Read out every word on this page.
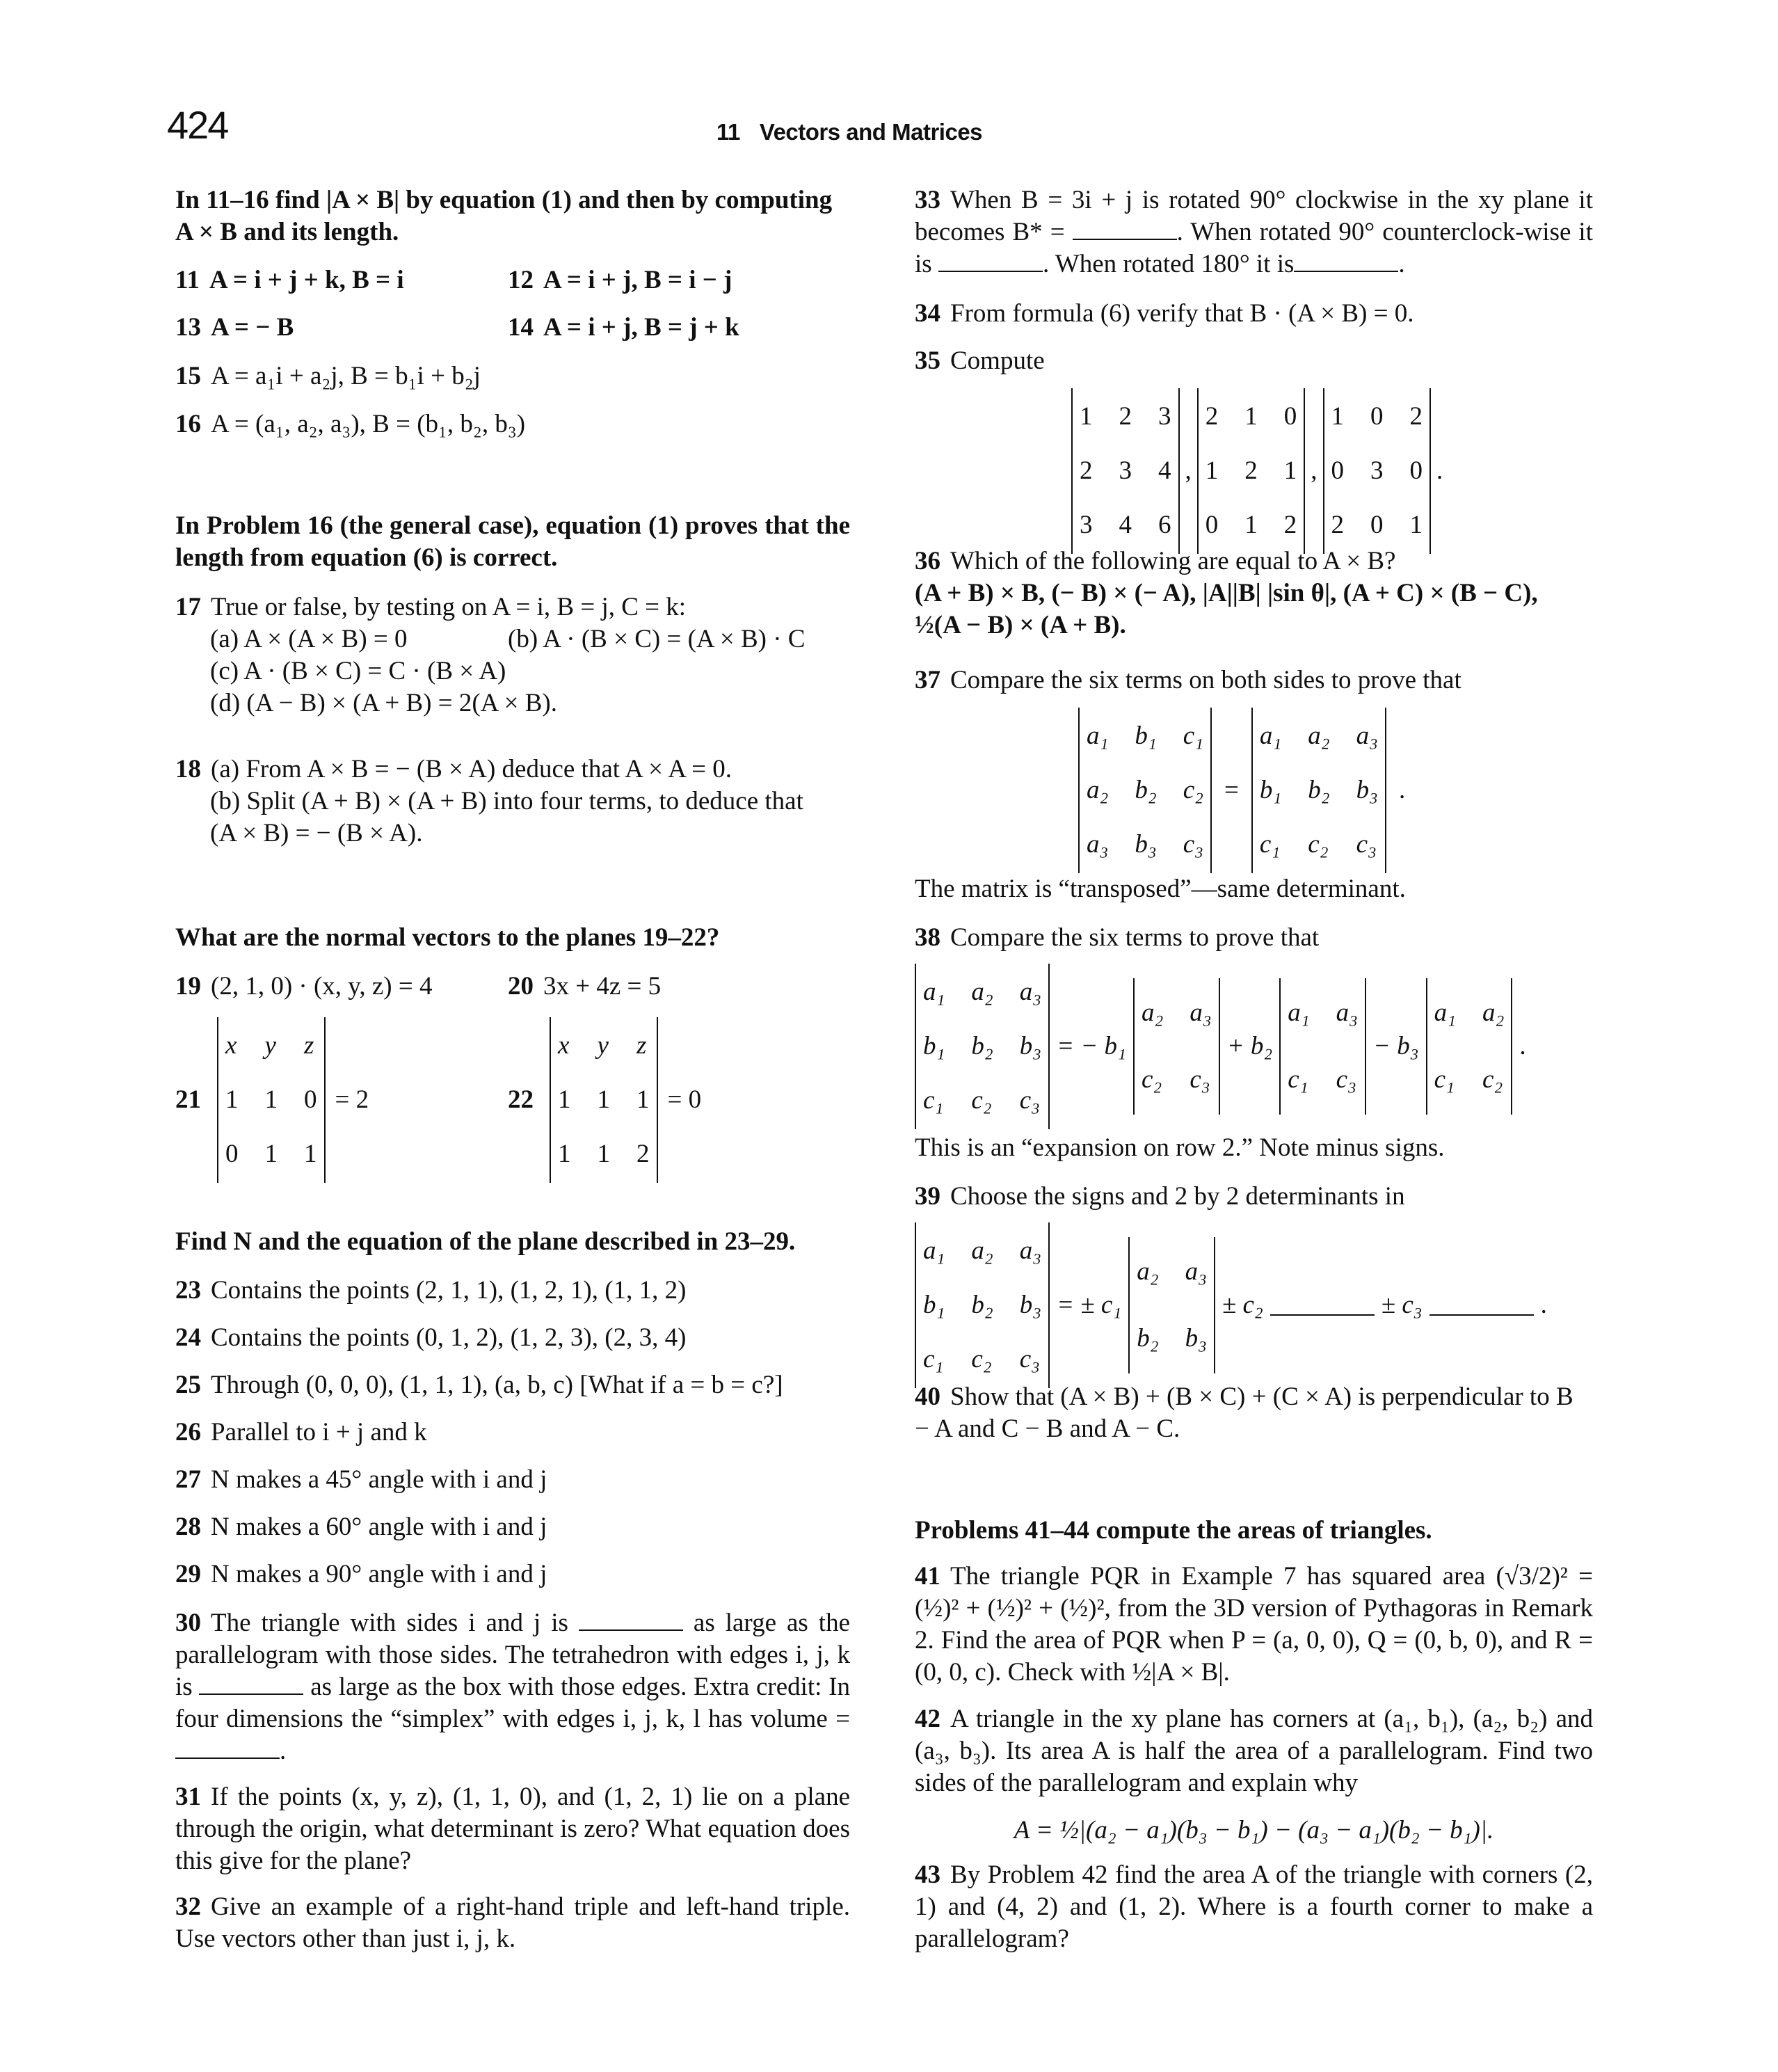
424	11 Vectors and Matrices
In 11–16 find |A × B| by equation (1) and then by computing A × B and its length.
11 A = i + j + k, B = i	12 A = i + j, B = i − j
13 A = − B	14 A = i + j, B = j + k
15 A = a₁i + a₂j, B = b₁i + b₂j
16 A = (a₁, a₂, a₃), B = (b₁, b₂, b₃)
In Problem 16 (the general case), equation (1) proves that the length from equation (6) is correct.
17 True or false, by testing on A = i, B = j, C = k:
(a) A × (A × B) = 0	(b) A · (B × C) = (A × B) · C
(c) A · (B × C) = C · (B × A)
(d) (A − B) × (A + B) = 2(A × B).
18 (a) From A × B = − (B × A) deduce that A × A = 0.
(b) Split (A + B) × (A + B) into four terms, to deduce that
(A × B) = − (B × A).
What are the normal vectors to the planes 19–22?
19 (2, 1, 0) · (x, y, z) = 4	20 3x + 4z = 5
21
x y z
1 1 0
0 1 1
= 2	22
x y z
1 1 1
1 1 2
= 0
Find N and the equation of the plane described in 23–29.
23 Contains the points (2, 1, 1), (1, 2, 1), (1, 1, 2)
24 Contains the points (0, 1, 2), (1, 2, 3), (2, 3, 4)
25 Through (0, 0, 0), (1, 1, 1), (a, b, c) [What if a = b = c?]
26 Parallel to i + j and k
27 N makes a 45° angle with i and j
28 N makes a 60° angle with i and j
29 N makes a 90° angle with i and j
30 The triangle with sides i and j is	as large as the parallelogram with those sides. The tetrahedron with edges i, j, k is	as large as the box with those edges. Extra credit: In four dimensions the “simplex” with edges i, j, k, l has volume = .
31 If the points (x, y, z), (1, 1, 0), and (1, 2, 1) lie on a plane through the origin, what determinant is zero? What equation does this give for the plane?
32 Give an example of a right-hand triple and left-hand triple. Use vectors other than just i, j, k.
33 When B = 3i + j is rotated 90° clockwise in the xy plane it becomes B* =	. When rotated 90° counterclock-wise it is	. When rotated 180° it is	.
34 From formula (6) verify that B · (A × B) = 0.
35 Compute
1 2 3
2 3 4
3 4 6
,
2 1 0
1 2 1
0 1 2
,
1 0 2
0 3 0
2 0 1
.
36 Which of the following are equal to A × B?
(A + B) × B, (− B) × (− A), |A||B| |sin θ|, (A + C) × (B − C),
½(A − B) × (A + B).
37 Compare the six terms on both sides to prove that
a₁ b₁ c₁
a₂ b₂ c₂
a₃ b₃ c₃
=
a₁ a₂ a₃
b₁ b₂ b₃
c₁ c₂ c₃
.
The matrix is “transposed”—same determinant.
38 Compare the six terms to prove that
a₁ a₂ a₃
b₁ b₂ b₃
c₁ c₂ c₃
= − b₁
a₂ a₃
c₂ c₃
+ b₂
a₁ a₃
c₁ c₃
− b₃
a₁ a₂
c₁ c₂
.
This is an “expansion on row 2.” Note minus signs.
39 Choose the signs and 2 by 2 determinants in
a₁ a₂ a₃
b₁ b₂ b₃
c₁ c₂ c₃
= ± c₁
a₂ a₃
b₂ b₃
± c₂	± c₃	.
40 Show that (A × B) + (B × C) + (C × A) is perpendicular to B − A and C − B and A − C.
Problems 41–44 compute the areas of triangles.
41 The triangle PQR in Example 7 has squared area (√3/2)² = (½)² + (½)² + (½)², from the 3D version of Pythagoras in Remark 2. Find the area of PQR when P = (a, 0, 0), Q = (0, b, 0), and R = (0, 0, c). Check with ½|A × B|.
42 A triangle in the xy plane has corners at (a₁, b₁), (a₂, b₂) and (a₃, b₃). Its area A is half the area of a parallelogram. Find two sides of the parallelogram and explain why
A = ½|(a₂ − a₁)(b₃ − b₁) − (a₃ − a₁)(b₂ − b₁)|.
43 By Problem 42 find the area A of the triangle with corners (2, 1) and (4, 2) and (1, 2). Where is a fourth corner to make a parallelogram?
